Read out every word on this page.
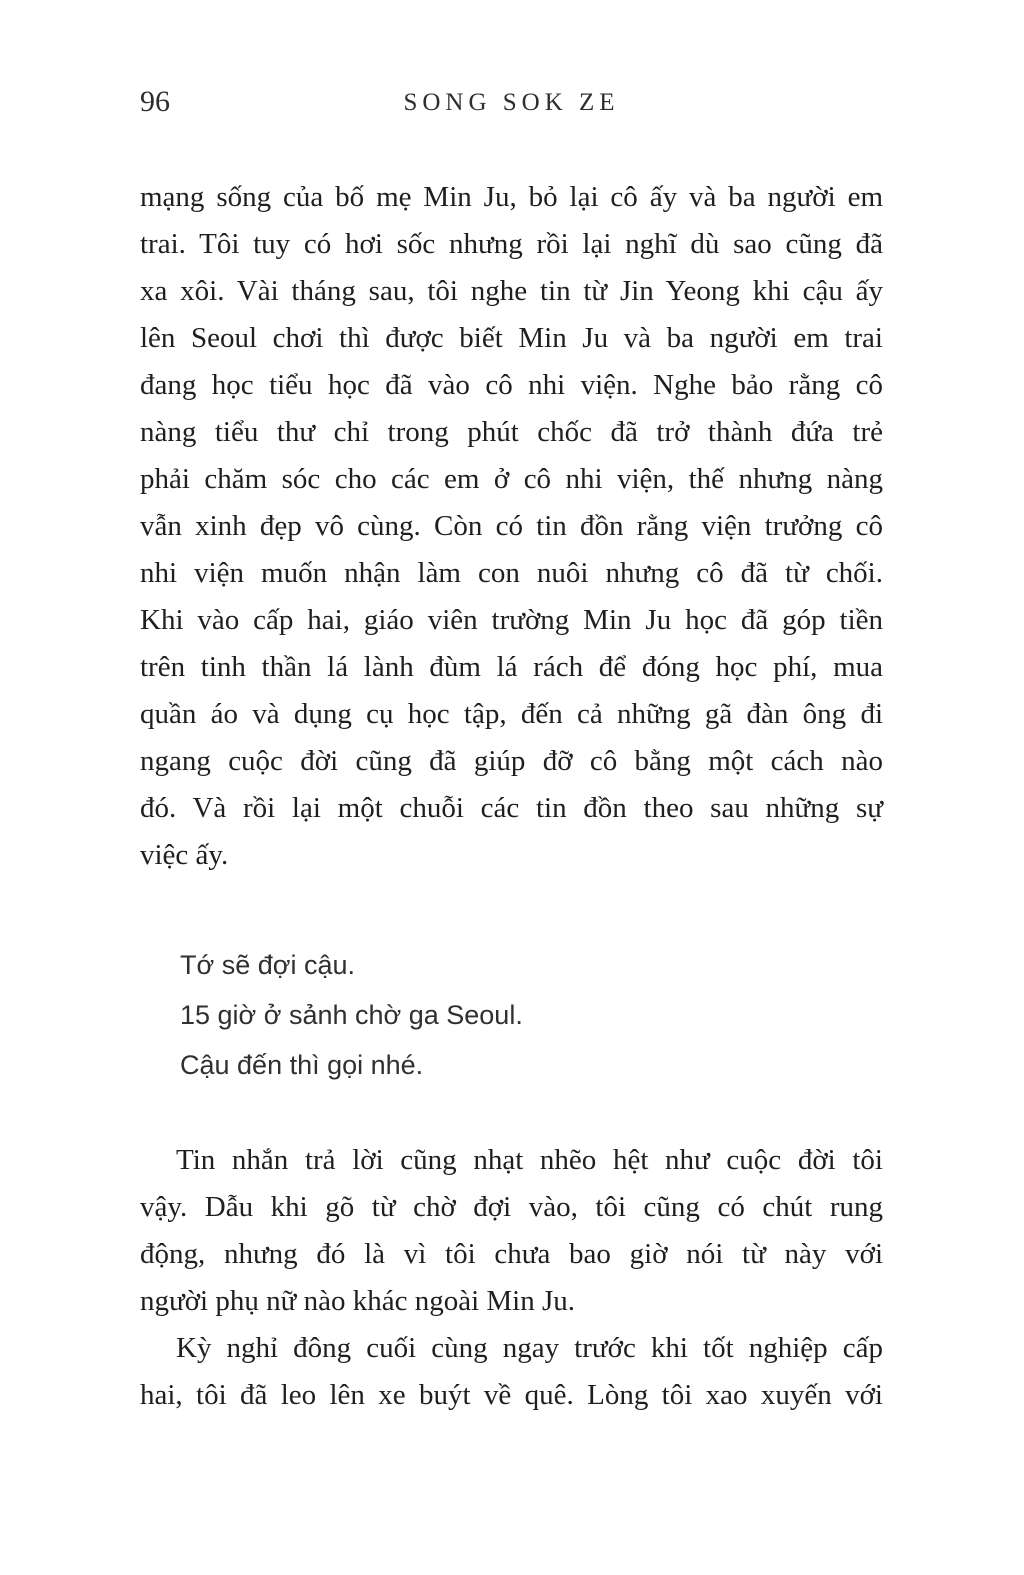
96	SONG SOK ZE
mạng sống của bố mẹ Min Ju, bỏ lại cô ấy và ba người em
trai. Tôi tuy có hơi sốc nhưng rồi lại nghĩ dù sao cũng đã
xa xôi. Vài tháng sau, tôi nghe tin từ Jin Yeong khi cậu ấy
lên Seoul chơi thì được biết Min Ju và ba người em trai
đang học tiểu học đã vào cô nhi viện. Nghe bảo rằng cô
nàng tiểu thư chỉ trong phút chốc đã trở thành đứa trẻ
phải chăm sóc cho các em ở cô nhi viện, thế nhưng nàng
vẫn xinh đẹp vô cùng. Còn có tin đồn rằng viện trưởng cô
nhi viện muốn nhận làm con nuôi nhưng cô đã từ chối.
Khi vào cấp hai, giáo viên trường Min Ju học đã góp tiền
trên tinh thần lá lành đùm lá rách để đóng học phí, mua
quần áo và dụng cụ học tập, đến cả những gã đàn ông đi
ngang cuộc đời cũng đã giúp đỡ cô bằng một cách nào
đó. Và rồi lại một chuỗi các tin đồn theo sau những sự
việc ấy.
Tớ sẽ đợi cậu.
15 giờ ở sảnh chờ ga Seoul.
Cậu đến thì gọi nhé.
Tin nhắn trả lời cũng nhạt nhẽo hệt như cuộc đời tôi
vậy. Dẫu khi gõ từ chờ đợi vào, tôi cũng có chút rung
động, nhưng đó là vì tôi chưa bao giờ nói từ này với
người phụ nữ nào khác ngoài Min Ju.
Kỳ nghỉ đông cuối cùng ngay trước khi tốt nghiệp cấp
hai, tôi đã leo lên xe buýt về quê. Lòng tôi xao xuyến với
